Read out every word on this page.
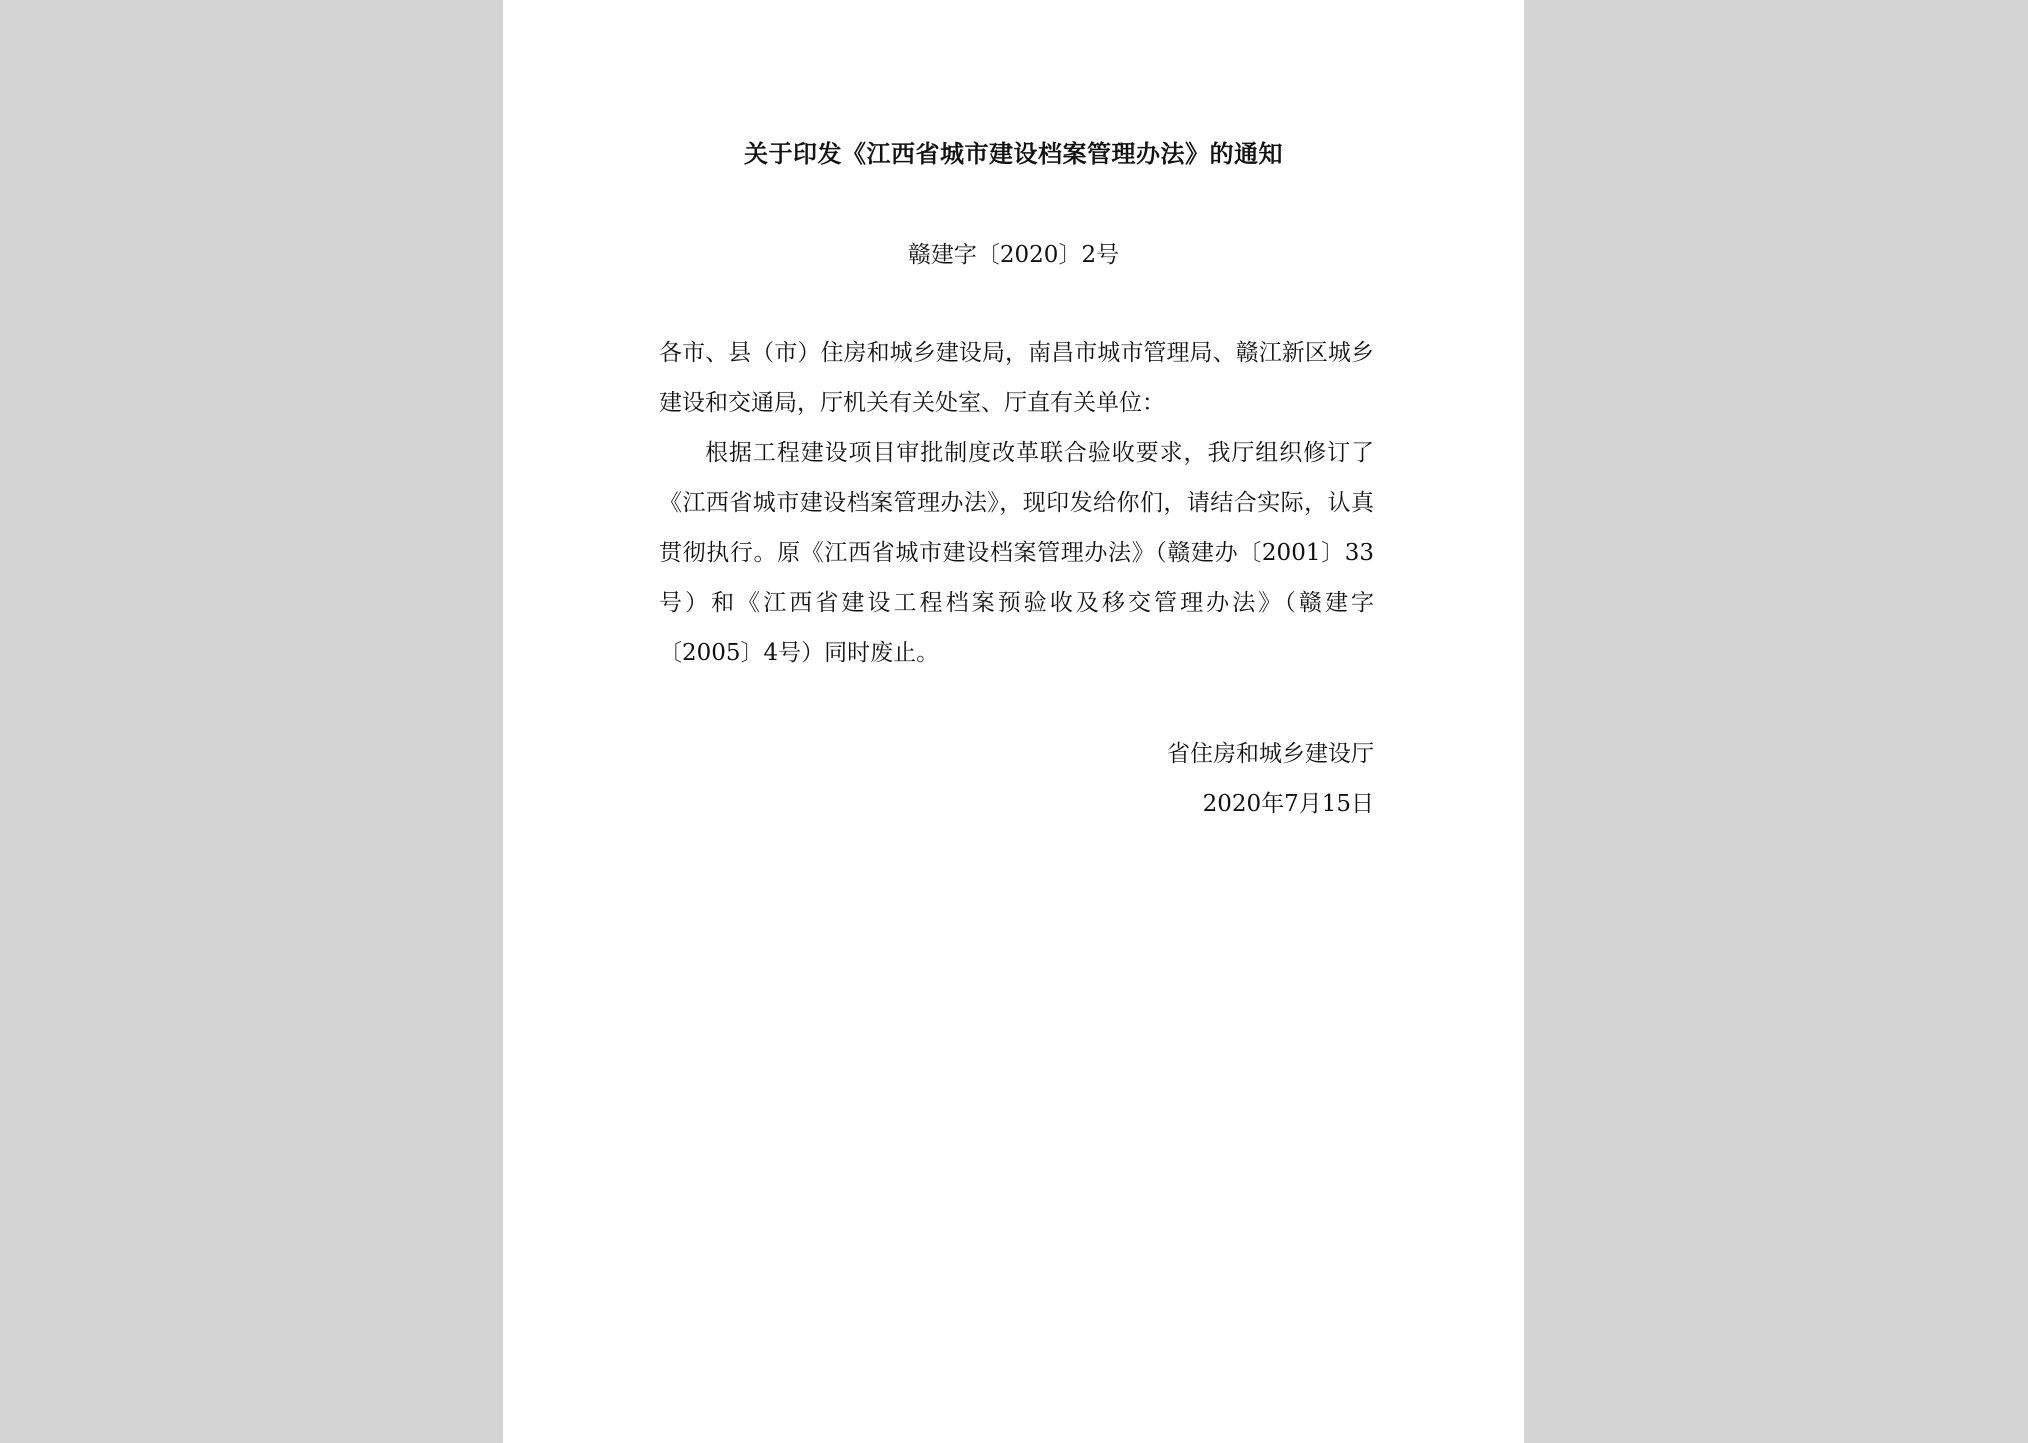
关于印发《江西省城市建设档案管理办法》的通知
赣建字〔2020〕2号

各市、县（市）住房和城乡建设局，南昌市城市管理局、赣江新区城乡建设和交通局，厅机关有关处室、厅直有关单位：

根据工程建设项目审批制度改革联合验收要求，我厅组织修订了《江西省城市建设档案管理办法》，现印发给你们，请结合实际，认真贯彻执行。原《江西省城市建设档案管理办法》（赣建办〔2001〕33 号）和《江西省建设工程档案预验收及移交管理办法》（赣建字〔2005〕4号）同时废止。

省住房和城乡建设厅
2020年7月15日
